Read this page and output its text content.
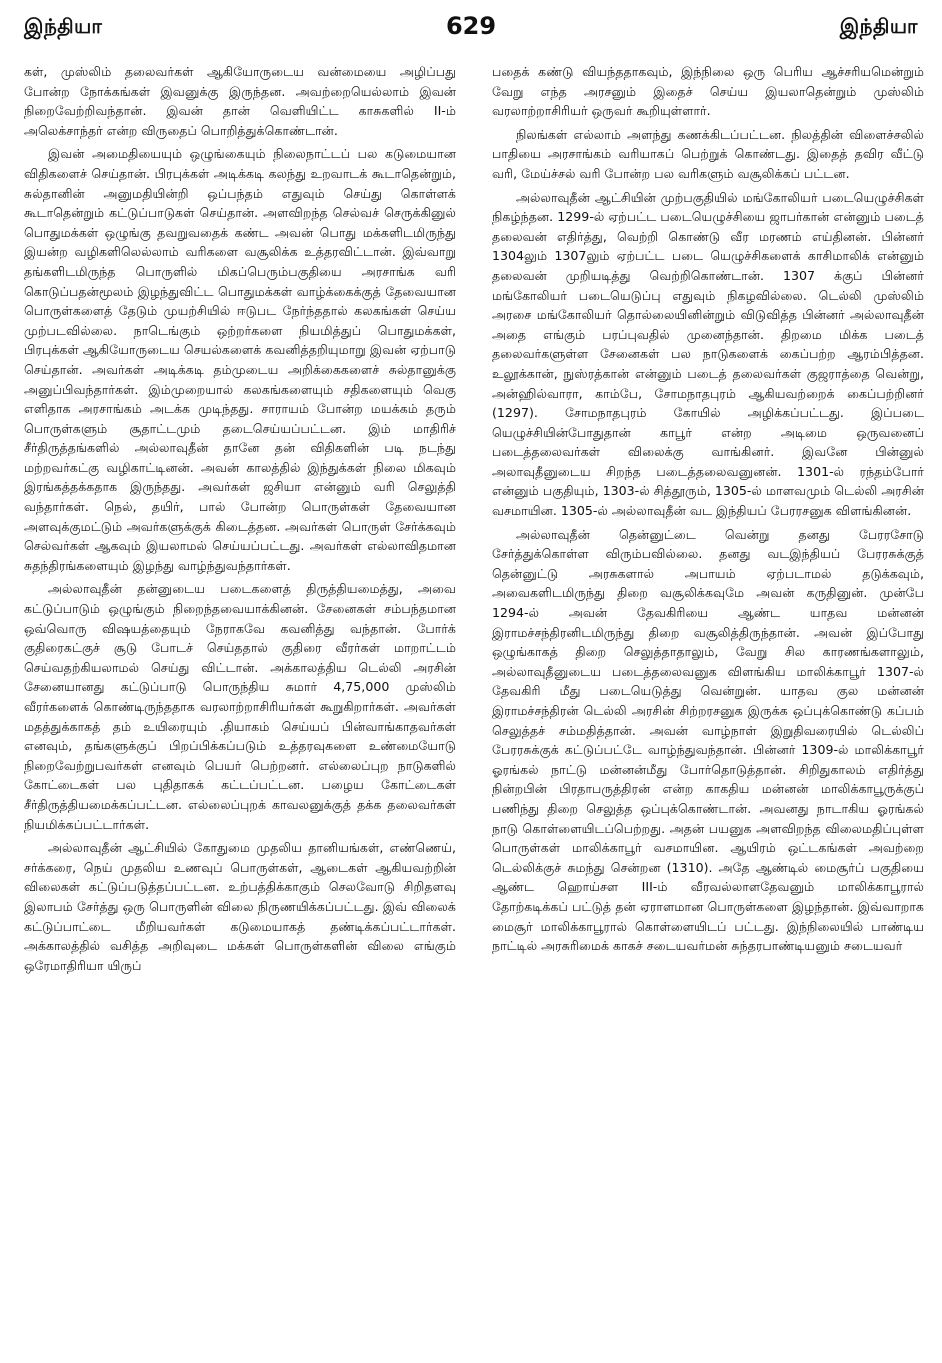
இந்தியா	629	இந்தியா

கள், முஸ்லிம் தலைவர்கள் ஆகியோருடைய வன்மையை அழிப்பது போன்ற நோக்கங்கள் இவனுக்கு இருந்தன. அவற்றையெல்லாம் இவன் நிறைவேற்றிவந்தான். இவன் தான் வெளியிட்ட காசுகளில் II-ம் அலெக்சாந்தர் என்ற விருதைப் பொறித்துக்கொண்டான்.

இவன் அமைதியையும் ஒழுங்கையும் நிலைநாட்டப் பல கடுமையான விதிகளைச் செய்தான். பிரபுக்கள் அடிக்கடி கலந்து உறவாடக் கூடாதென்றும், சுல்தானின் அனுமதியின்றி ஒப்பந்தம் எதுவும் செய்து கொள்ளக் கூடாதென்றும் கட்டுப்பாடுகள் செய்தான். அளவிறந்த செல்வச் செருக்கினுல் பொதுமக்கள் ஒழுங்கு தவறுவதைக் கண்ட அவன் பொது மக்களிடமிருந்து இயன்ற வழிகளிலெல்லாம் வரிகளை வசூலிக்க உத்தரவிட்டான். இவ்வாறு தங்களிடமிருந்த பொருளில் மிகப்பெரும்பகுதியை அரசாங்க வரி கொடுப்பதன்மூலம் இழந்துவிட்ட பொதுமக்கள் வாழ்க்கைக்குத் தேவையான பொருள்களைத் தேடும் முயற்சியில் ஈடுபட நேர்ந்ததால் கலகங்கள் செய்ய முற்படவில்லை. நாடெங்கும் ஒற்றர்களை நியமித்துப் பொதுமக்கள், பிரபுக்கள் ஆகியோருடைய செயல்களைக் கவனித்தறியுமாறு இவன் ஏற்பாடு செய்தான். அவர்கள் அடிக்கடி தம்முடைய அறிக்கைகளைச் சுல்தானுக்கு அனுப்பிவந்தார்கள். இம்முறையால் கலகங்களையும் சதிகளையும் வெகு எளிதாக அரசாங்கம் அடக்க முடிந்தது. சாராயம் போன்ற மயக்கம் தரும் பொருள்களும் சூதாட்டமும் தடைசெய்யப்பட்டன. இம் மாதிரிச் சீர்திருத்தங்களில் அல்லாவுதீன் தானே தன் விதிகளின் படி நடந்து மற்றவர்கட்கு வழிகாட்டினன். அவன் காலத்தில் இந்துக்கள் நிலை மிகவும் இரங்கத்தக்கதாக இருந்தது. அவர்கள் ஜசியா என்னும் வரி செலுத்தி வந்தார்கள். நெல், தயிர், பால் போன்ற பொருள்கள் தேவையான அளவுக்குமட்டும் அவர்களுக்குக் கிடைத்தன. அவர்கள் பொருள் சேர்க்கவும் செல்வர்கள் ஆகவும் இயலாமல் செய்யப்பட்டது. அவர்கள் எல்லாவிதமான சுதந்திரங்களையும் இழந்து வாழ்ந்துவந்தார்கள்.

அல்லாவுதீன் தன்னுடைய படைகளைத் திருத்தியமைத்து, அவை கட்டுப்பாடும் ஒழுங்கும் நிறைந்தவையாக்கினன். சேனைகள் சம்பந்தமான ஒவ்வொரு விஷயத்தையும் நேராகவே கவனித்து வந்தான். போர்க் குதிரைகட்குச் சூடு போடச் செய்ததால் குதிரை வீரர்கள் மாறாட்டம் செய்வதற்கியலாமல் செய்து விட்டான். அக்காலத்திய டெல்லி அரசின் சேனையானது கட்டுப்பாடு பொருந்திய சுமார் 4,75,000 முஸ்லிம் வீரர்களைக் கொண்டிருந்ததாக வரலாற்றாசிரியர்கள் கூறுகிறார்கள். அவர்கள் மதத்துக்காகத் தம் உயிரையும் .தியாகம் செய்யப் பின்வாங்காதவர்கள் எனவும், தங்களுக்குப் பிறப்பிக்கப்படும் உத்தரவுகளை உண்மையோடு நிறைவேற்றுபவர்கள் எனவும் பெயர் பெற்றனர். எல்லைப்புற நாடுகளில் கோட்டைகள் பல புதிதாகக் கட்டப்பட்டன. பழைய கோட்டைகள் சீர்திருத்தியமைக்கப்பட்டன. எல்லைப்புறக் காவலனுக்குத் தக்க தலைவர்கள் நியமிக்கப்பட்டார்கள்.

அல்லாவுதீன் ஆட்சியில் கோதுமை முதலிய தானியங்கள், எண்ணெய், சர்க்கரை, நெய் முதலிய உணவுப் பொருள்கள், ஆடைகள் ஆகியவற்றின் விலைகள் கட்டுப்படுத்தப்பட்டன. உற்பத்திக்காகும் செலவோடு சிறிதளவு இலாபம் சேர்த்து ஒரு பொருளின் விலை நிருணயிக்கப்பட்டது. இவ் விலைக் கட்டுப்பாட்டை மீறியவர்கள் கடுமையாகத் தண்டிக்கப்பட்டார்கள். அக்காலத்தில் வசித்த அறிவுடை மக்கள் பொருள்களின் விலை எங்கும் ஒரேமாதிரியா யிருப்

பதைக் கண்டு வியந்ததாகவும், இந்நிலை ஒரு பெரிய ஆச்சரியமென்றும் வேறு எந்த அரசனும் இதைச் செய்ய இயலாதென்றும் முஸ்லிம் வரலாற்றாசிரியர் ஒருவர் கூறியுள்ளார்.

நிலங்கள் எல்லாம் அளந்து கணக்கிடப்பட்டன. நிலத்தின் விளைச்சலில் பாதியை அரசாங்கம் வரியாகப் பெற்றுக் கொண்டது. இதைத் தவிர வீட்டு வரி, மேய்ச்சல் வரி போன்ற பல வரிகளும் வசூலிக்கப் பட்டன.

அல்லாவுதீன் ஆட்சியின் முற்பகுதியில் மங்கோலியர் படையெழுச்சிகள் நிகழ்ந்தன. 1299-ல் ஏற்பட்ட படையெழுச்சியை ஜாபர்கான் என்னும் படைத் தலைவன் எதிர்த்து, வெற்றி கொண்டு வீர மரணம் எய்தினன். பின்னர் 1304லும் 1307லும் ஏற்பட்ட படை யெழுச்சிகளைக் காசிமாலிக் என்னும் தலைவன் முறியடித்து வெற்றிகொண்டான். 1307 க்குப் பின்னர் மங்கோலியர் படையெடுப்பு எதுவும் நிகழவில்லை. டெல்லி முஸ்லிம் அரசை மங்கோலியர் தொல்லையினின்றும் விடுவித்த பின்னர் அல்லாவுதீன் அதை எங்கும் பரப்புவதில் முனைந்தான். திறமை மிக்க படைத் தலைவர்களுள்ள சேனைகள் பல நாடுகளைக் கைப்பற்ற ஆரம்பித்தன. உலூக்கான், நுஸ்ரத்கான் என்னும் படைத் தலைவர்கள் குஜராத்தை வென்று, அன்ஹில்வாரா, காம்பே, சோமநாதபுரம் ஆகியவற்றைக் கைப்பற்றினர் (1297). சோமநாதபுரம் கோயில் அழிக்கப்பட்டது. இப்படை யெழுச்சியின்போதுதான் காபூர் என்ற அடிமை ஒருவனைப் படைத்தலைவர்கள் விலைக்கு வாங்கினர். இவனே பின்னுல் அலாவுதீனுடைய சிறந்த படைத்தலைவனுனன். 1301-ல் ரந்தம்போர் என்னும் பகுதியும், 1303-ல் சித்தூரும், 1305-ல் மாளவமும் டெல்லி அரசின் வசமாயின. 1305-ல் அல்லாவுதீன் வட இந்தியப் பேரரசனுக விளங்கினன்.

அல்லாவுதீன் தென்னுட்டை வென்று தனது பேரரசோடு சேர்த்துக்கொள்ள விரும்பவில்லை. தனது வடஇந்தியப் பேரரசுக்குத் தென்னுட்டு அரசுகளால் அபாயம் ஏற்படாமல் தடுக்கவும், அவைகளிடமிருந்து திறை வசூலிக்கவுமே அவன் கருதினுன். முன்பே 1294-ல் அவன் தேவகிரியை ஆண்ட யாதவ மன்னன் இராமச்சந்திரனிடமிருந்து திறை வசூலித்திருந்தான். அவன் இப்போது ஒழுங்காகத் திறை செலுத்தாதாலும், வேறு சில காரணங்களாலும், அல்லாவுதீனுடைய படைத்தலைவனுக விளங்கிய மாலிக்காபூர் 1307-ல் தேவகிரி மீது படையெடுத்து வென்றுன். யாதவ குல மன்னன் இராமச்சந்திரன் டெல்லி அரசின் சிற்றரசனுக இருக்க ஒப்புக்கொண்டு கப்பம் செலுத்தச் சம்மதித்தான். அவன் வாழ்நாள் இறுதிவரையில் டெல்லிப் பேரரசுக்குக் கட்டுப்பட்டே வாழ்ந்துவந்தான். பின்னர் 1309-ல் மாலிக்காபூர் ஓரங்கல் நாட்டு மன்னன்மீது போர்தொடுத்தான். சிறிதுகாலம் எதிர்த்து நின்றபின் பிரதாபருத்திரன் என்ற காகதிய மன்னன் மாலிக்காபூருக்குப் பணிந்து திறை செலுத்த ஒப்புக்கொண்டான். அவனது நாடாகிய ஓரங்கல் நாடு கொள்ளையிடப்பெற்றது. அதன் பயனுக அளவிறந்த விலைமதிப்புள்ள பொருள்கள் மாலிக்காபூர் வசமாயின. ஆயிரம் ஒட்டகங்கள் அவற்றை டெல்லிக்குச் சுமந்து சென்றன (1310). அதே ஆண்டில் மைசூர்ப் பகுதியை ஆண்ட ஹொய்சள III-ம் வீரவல்லாளதேவனும் மாலிக்காபூரால் தோற்கடிக்கப் பட்டுத் தன் ஏராளமான பொருள்களை இழந்தான். இவ்வாறாக மைசூர் மாலிக்காபூரால் கொள்ளையிடப் பட்டது. இந்நிலையில் பாண்டிய நாட்டில் அரசுரிமைக் காகச் சடையவர்மன் சுந்தரபாண்டியனும் சடையவர்
